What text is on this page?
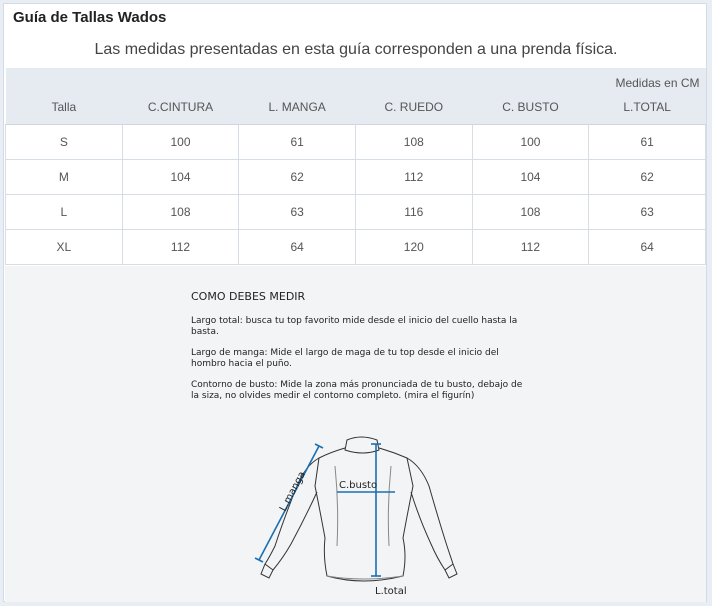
Guía de Tallas Wados
Las medidas presentadas en esta guía corresponden a una prenda física.
Medidas en CM					
Talla	C.CINTURA	L. MANGA	C. RUEDO	C. BUSTO	L.TOTAL
S	100	61	108	100	61
M	104	62	112	104	62
L	108	63	116	108	63
XL	112	64	120	112	64
COMO DEBES MEDIR

Largo total: busca tu top favorito mide desde el inicio del cuello hasta la basta.

Largo de manga: Mide el largo de maga de tu top desde el inicio del hombro hacia el puño.

Contorno de busto: Mide la zona más pronunciada de tu busto, debajo de la siza, no olvides medir el contorno completo. (mira el figurín)

L.manga	C.busto
L.total
